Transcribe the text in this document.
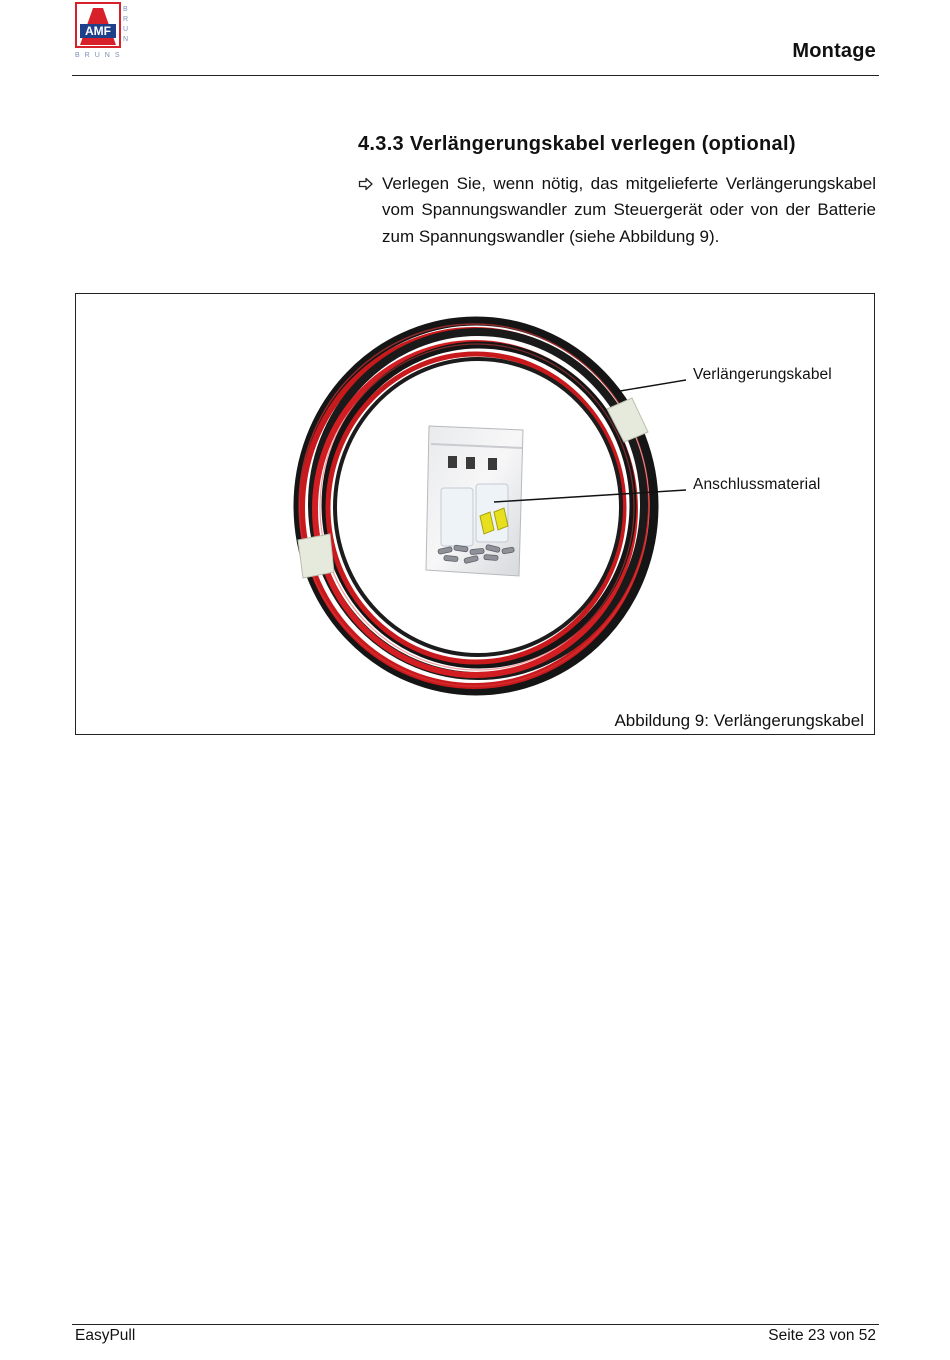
AMF
B
R
U
N
BRUNS	Montage
4.3.3 Verlängerungskabel verlegen (optional)

Verlegen Sie, wenn nötig, das mitgelieferte Verlängerungskabel vom Spannungswandler zum Steuergerät oder von der Batterie zum Spannungswandler (siehe Abbildung 9).

Verlängerungskabel
Anschlussmaterial
Abbildung 9: Verlängerungskabel
EasyPull	Seite 23 von 52
